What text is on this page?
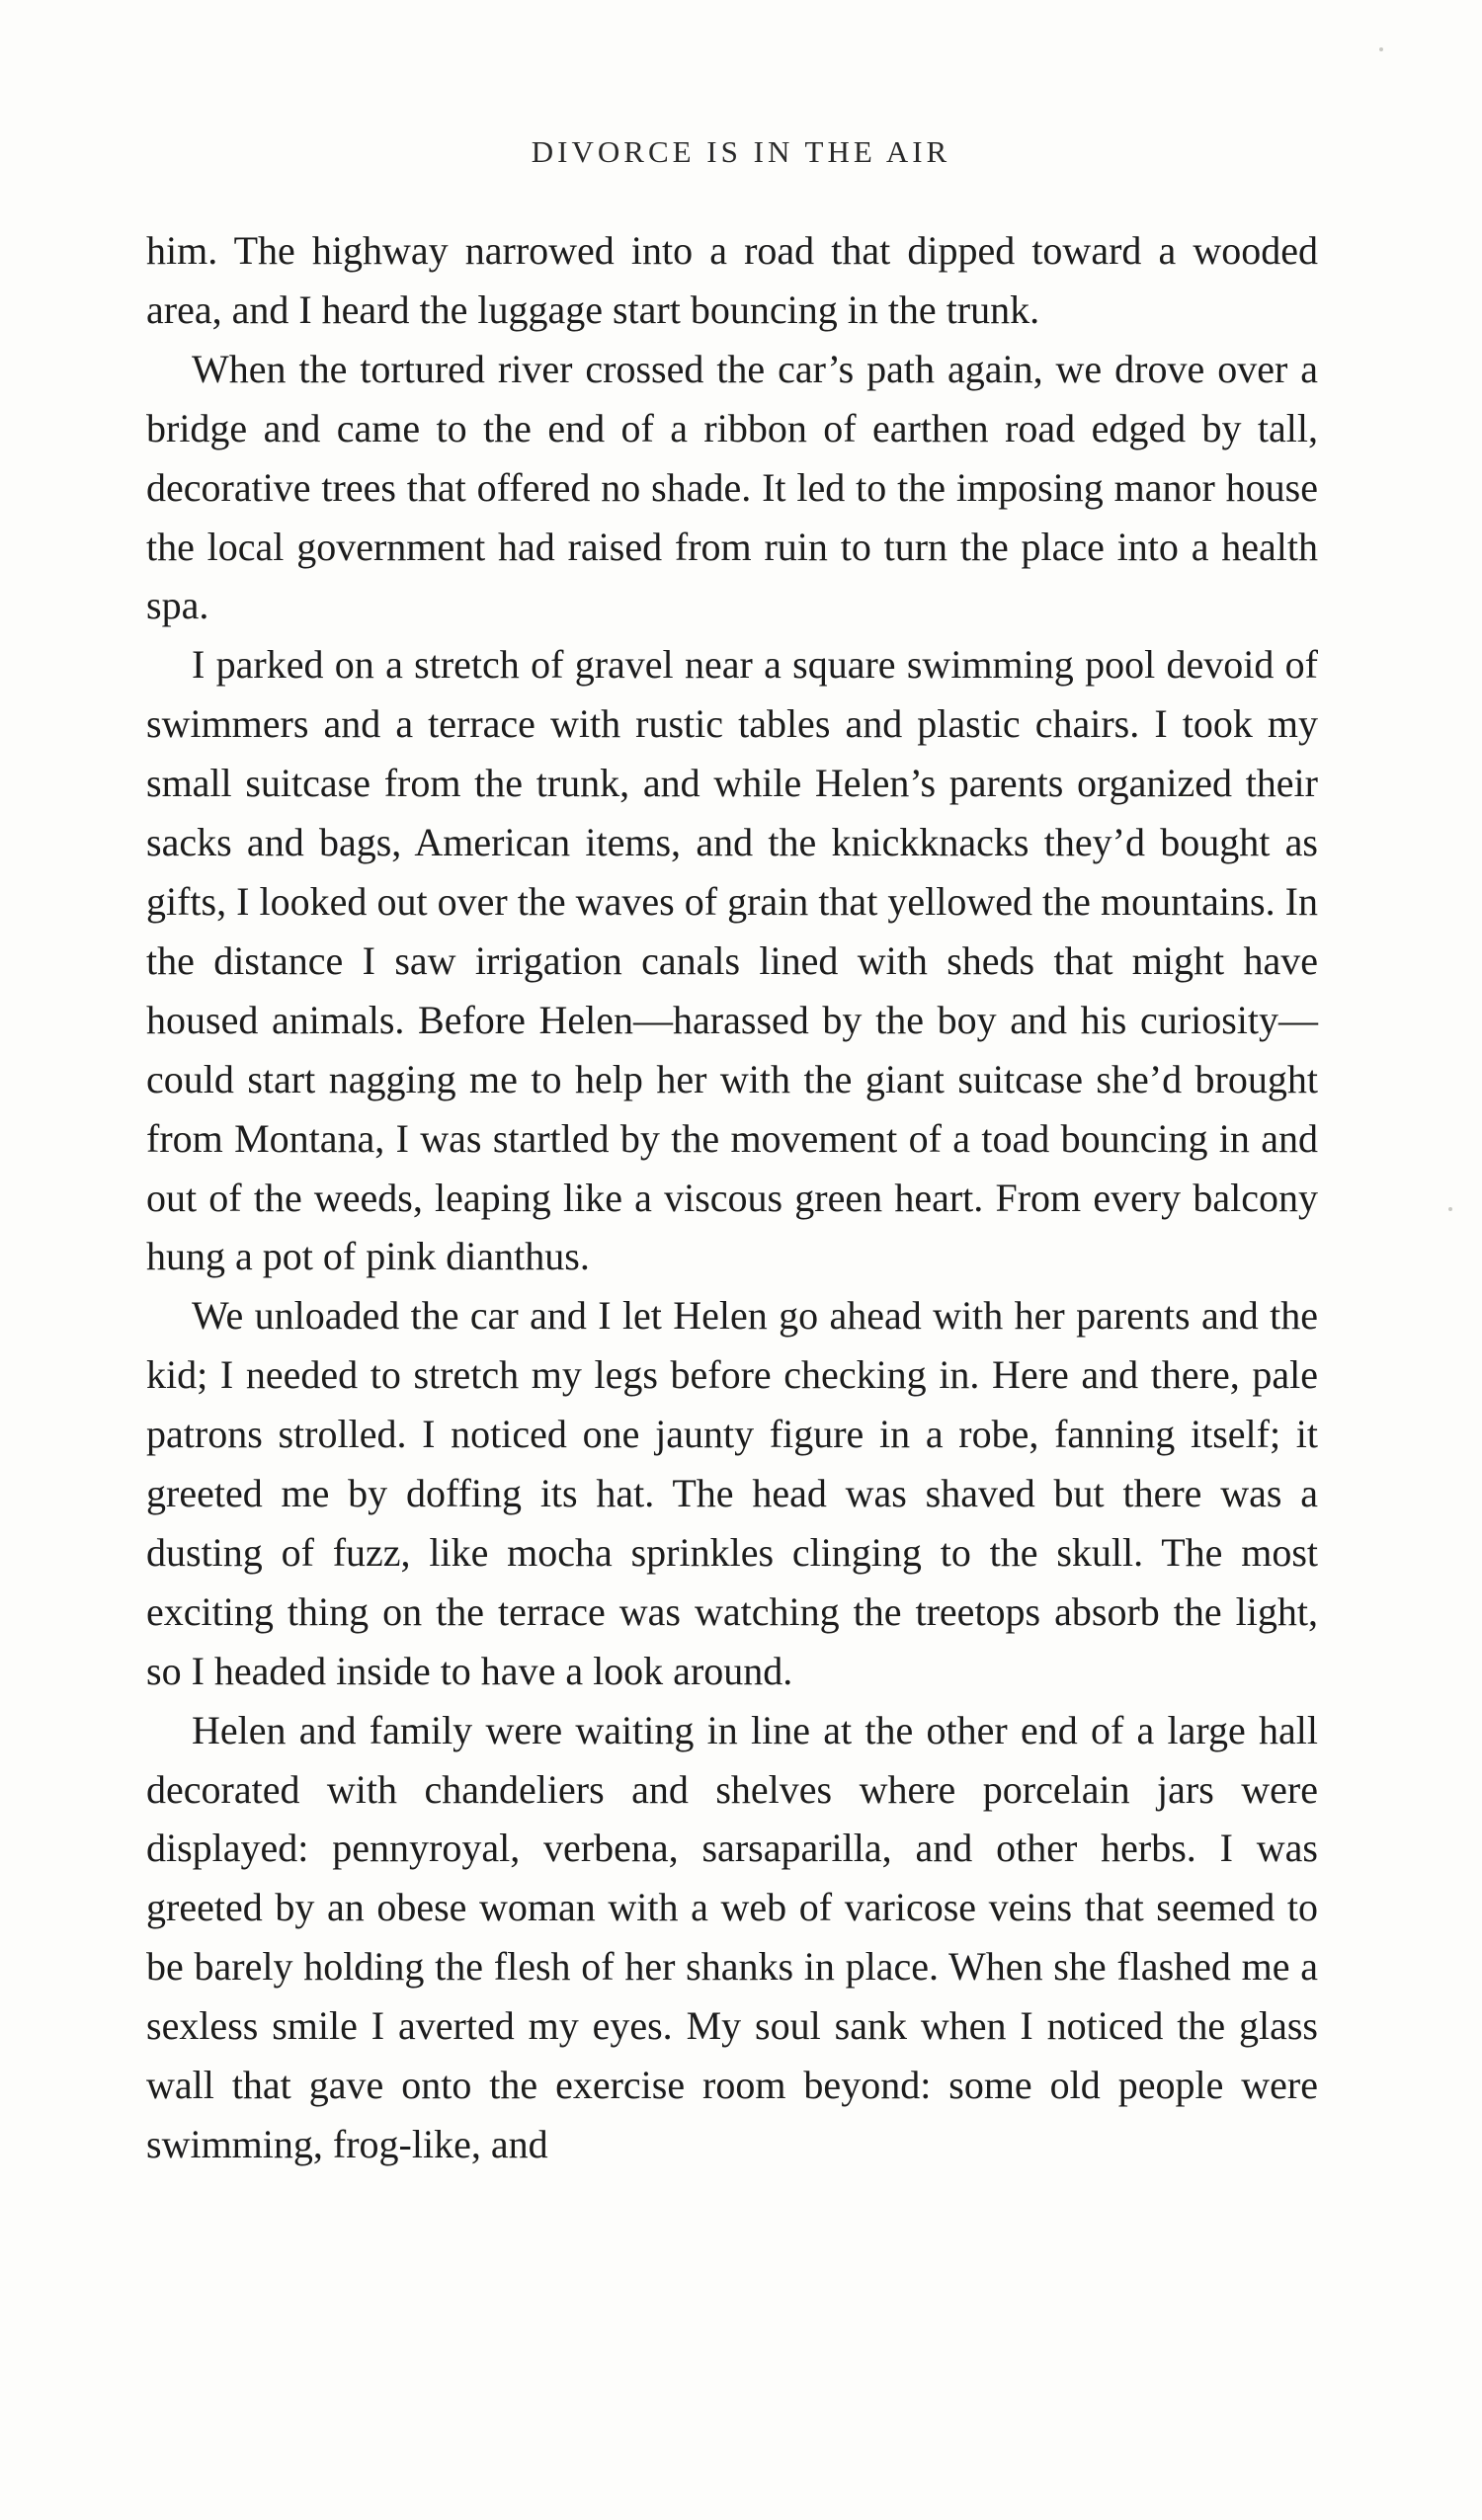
DIVORCE IS IN THE AIR

him. The highway narrowed into a road that dipped toward a wooded area, and I heard the luggage start bouncing in the trunk.

When the tortured river crossed the car’s path again, we drove over a bridge and came to the end of a ribbon of earthen road edged by tall, decorative trees that offered no shade. It led to the imposing manor house the local government had raised from ruin to turn the place into a health spa.

I parked on a stretch of gravel near a square swimming pool devoid of swimmers and a terrace with rustic tables and plastic chairs. I took my small suitcase from the trunk, and while Helen’s parents organized their sacks and bags, American items, and the knickknacks they’d bought as gifts, I looked out over the waves of grain that yellowed the mountains. In the distance I saw irrigation canals lined with sheds that might have housed animals. Before Helen—harassed by the boy and his curiosity—could start nagging me to help her with the giant suitcase she’d brought from Montana, I was startled by the movement of a toad bouncing in and out of the weeds, leaping like a viscous green heart. From every balcony hung a pot of pink dianthus.

We unloaded the car and I let Helen go ahead with her parents and the kid; I needed to stretch my legs before checking in. Here and there, pale patrons strolled. I noticed one jaunty figure in a robe, fanning itself; it greeted me by doffing its hat. The head was shaved but there was a dusting of fuzz, like mocha sprinkles clinging to the skull. The most exciting thing on the terrace was watching the treetops absorb the light, so I headed inside to have a look around.

Helen and family were waiting in line at the other end of a large hall decorated with chandeliers and shelves where porcelain jars were displayed: pennyroyal, verbena, sarsaparilla, and other herbs. I was greeted by an obese woman with a web of varicose veins that seemed to be barely holding the flesh of her shanks in place. When she flashed me a sexless smile I averted my eyes. My soul sank when I noticed the glass wall that gave onto the exercise room beyond: some old people were swimming, frog-like, and
